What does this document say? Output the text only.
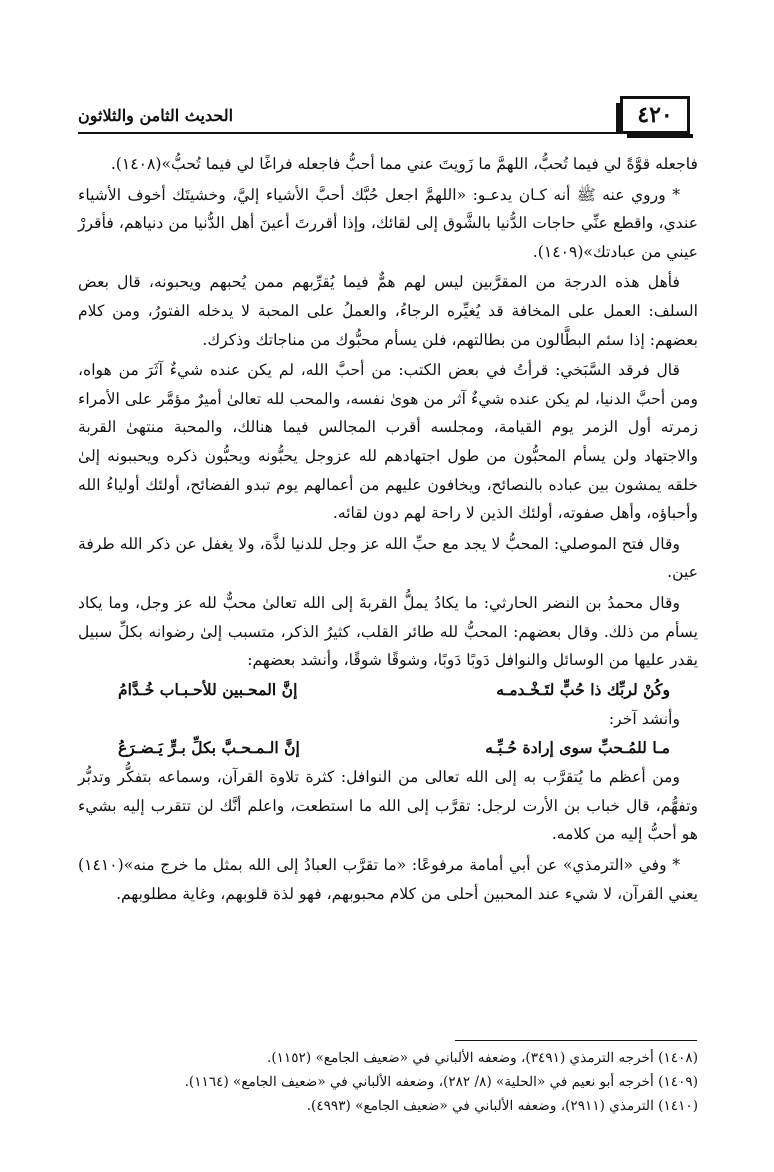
٤٢٠
الحديث الثامن والثلاثون

فاجعله قوَّةً لي فيما تُحبُّ، اللهمَّ ما زَويتَ عني مما أحبُّ فاجعله فراغًا لي فيما تُحبُّ»(١٤٠٨).

* وروي عنه ﷺ أنه كـان يدعـو: «اللهمَّ اجعل حُبَّك أحبَّ الأشياء إليَّ، وخشيتَك أخوف الأشياء عندي، واقطع عنِّي حاجات الدُّنيا بالشَّوق إلى لقائك، وإذا أقررتَ أعينَ أهل الدُّنيا من دنياهم، فأقررْ عيني من عبادتك»(١٤٠٩).

فأهل هذه الدرجة من المقرَّبين ليس لهم همٌّ فيما يُقرِّبهم ممن يُحبهم ويحبونه، قال بعض السلف: العمل على المخافة قد يُغيِّره الرجاءُ، والعملُ على المحبة لا يدخله الفتورُ، ومن كلام بعضهم: إذا سئم البطَّالون من بطالتهم، فلن يسأم محبُّوك من مناجاتك وذكرك.

قال فرقد السَّبَخي: قرأتُ في بعض الكتب: من أحبَّ الله، لم يكن عنده شيءٌ آثَرَ من هواه، ومن أحبَّ الدنيا، لم يكن عنده شيءٌ آثر من هوىٰ نفسه، والمحب لله تعالىٰ أميرٌ مؤمَّر على الأمراء زمرته أول الزمر يوم القيامة، ومجلسه أقرب المجالس فيما هنالك، والمحبة منتهىٰ القربة والاجتهاد ولن يسأم المحبُّون من طول اجتهادهم لله عزوجل يحبُّونه ويحبُّون ذكره ويحببونه إلىٰ خلقه يمشون بين عباده بالنصائح، ويخافون عليهم من أعمالهم يوم تبدو الفضائح، أولئك أولياءُ الله وأحباؤه، وأهل صفوته، أولئك الذين لا راحة لهم دون لقائه.

وقال فتح الموصلي: المحبُّ لا يجد مع حبِّ الله عز وجل للدنيا لذَّة، ولا يغفل عن ذكر الله طرفة عين.

وقال محمدُ بن النضر الحارثي: ما يكادُ يملُّ القربةَ إلى الله تعالىٰ محبٌّ لله عز وجل، وما يكاد يسأم من ذلك. وقال بعضهم: المحبُّ لله طائر القلب، كثيرُ الذكر، متسبب إلىٰ رضوانه بكلِّ سبيل يقدر عليها من الوسائل والنوافل دَوبًا دَوبًا، وشوقًا شوقًا، وأنشد بعضهم:

وكُنْ لربِّك ذا حُبٍّ لتَـخْـدمـه
إنَّ المحـبين للأحـبـاب خُـدَّامُ

وأنشد آخر:

مـا للمُـحبِّ سوى إرادة حُـبِّـه
إنَّ الـمـحـبَّ بكلِّ بـرٍّ يَـضـرَعُ

ومن أعظم ما يُتقرَّب به إلى الله تعالى من النوافل: كثرة تلاوة القرآن، وسماعه بتفكُّر وتدبُّر وتفهُّم، قال خباب بن الأرت لرجل: تقرَّب إلى الله ما استطعت، واعلم أنَّك لن تتقرب إليه بشيء هو أحبُّ إليه من كلامه.

* وفي «الترمذي» عن أبي أمامة مرفوعًا: «ما تقرَّب العبادُ إلى الله بمثل ما خرج منه»(١٤١٠) يعني القرآن، لا شيء عند المحبين أحلى من كلام محبوبهم، فهو لذة قلوبهم، وغاية مطلوبهم.

(١٤٠٨) أخرجه الترمذي (٣٤٩١)، وضعفه الألباني في «ضعيف الجامع» (١١٥٢).

(١٤٠٩) أخرجه أبو نعيم في «الحلية» (٨/ ٢٨٢)، وضعفه الألباني في «ضعيف الجامع» (١١٦٤).

(١٤١٠) الترمذي (٢٩١١)، وضعفه الألباني في «ضعيف الجامع» (٤٩٩٣).
